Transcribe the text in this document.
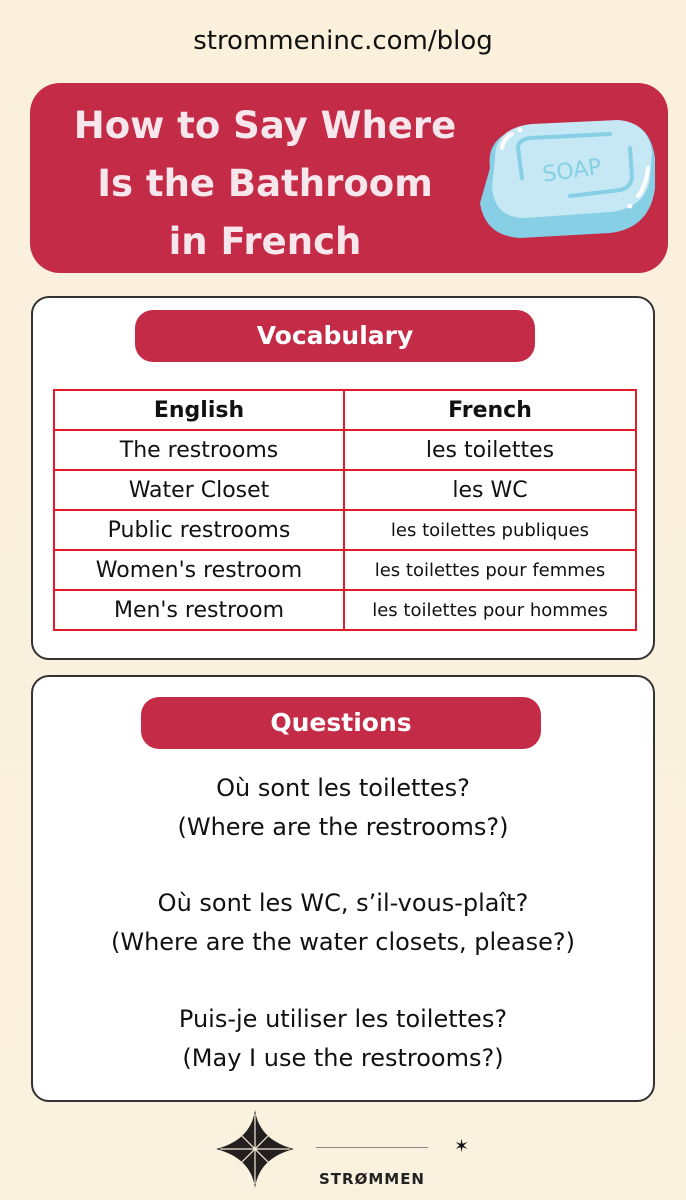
strommeninc.com/blog
How to Say Where
Is the Bathroom
in French
SOAP
Vocabulary
English	French
The restrooms	les toilettes
Water Closet	les WC
Public restrooms	les toilettes publiques
Women's restroom	les toilettes pour femmes
Men's restroom	les toilettes pour hommes
Questions
Où sont les toilettes?
(Where are the restrooms?)
Où sont les WC, s’il-vous-plaît?
(Where are the water closets, please?)
Puis-je utiliser les toilettes?
(May I use the restrooms?)
✶
STRØMMEN
